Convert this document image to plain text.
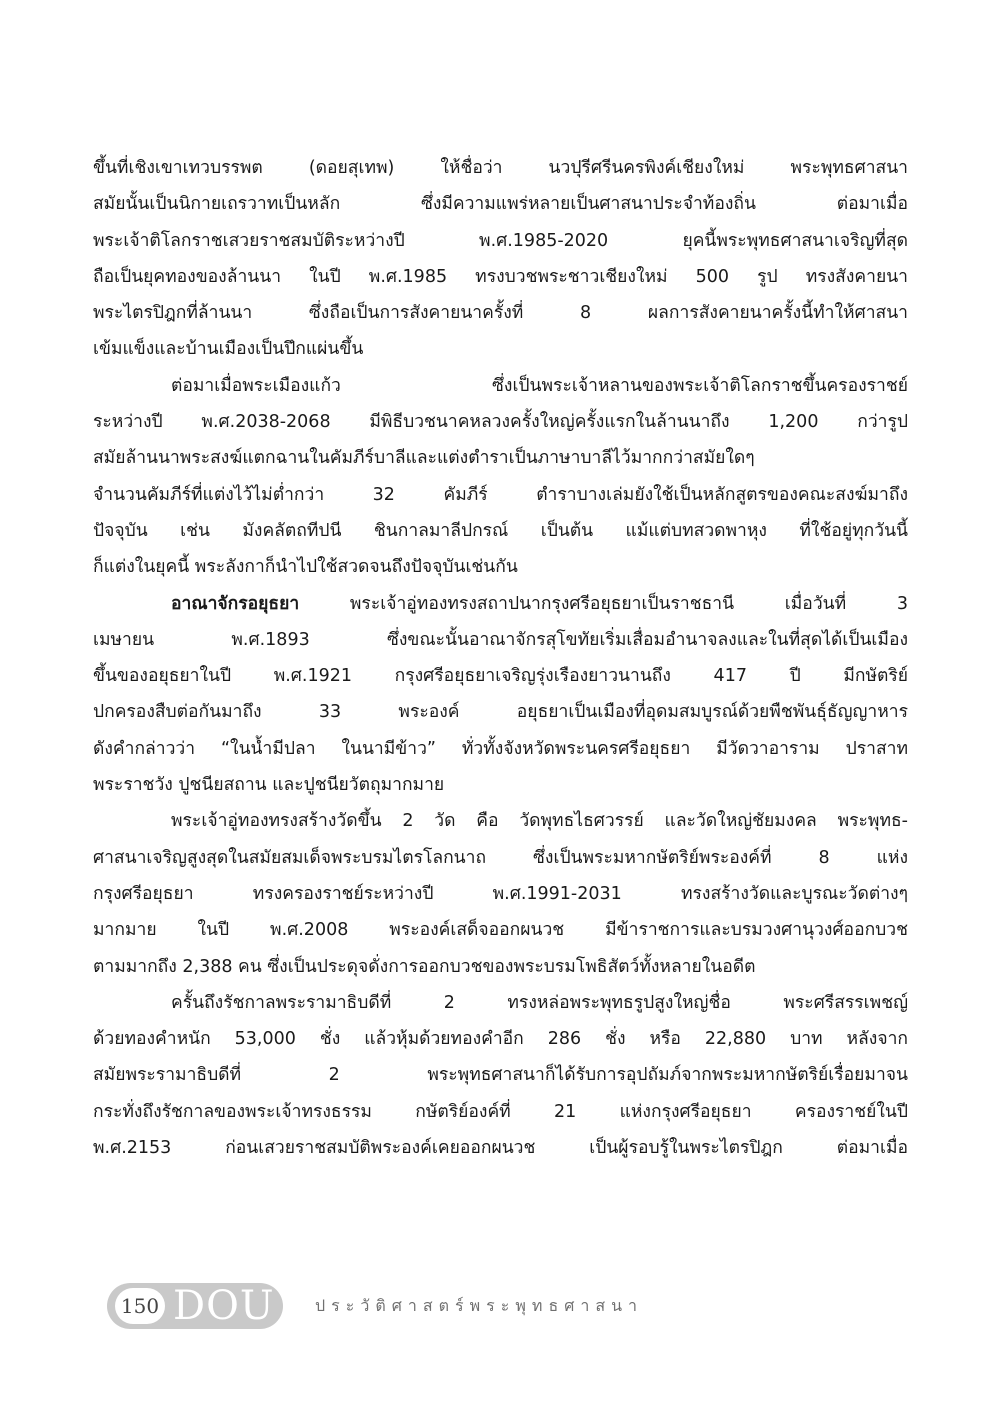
ขึ้นที่เชิงเขาเทวบรรพต (ดอยสุเทพ) ให้ชื่อว่า นวปุรีศรีนครพิงค์เชียงใหม่ พระพุทธศาสนา
สมัยนั้นเป็นนิกายเถรวาทเป็นหลัก ซึ่งมีความแพร่หลายเป็นศาสนาประจำท้องถิ่น ต่อมาเมื่อ
พระเจ้าติโลกราชเสวยราชสมบัติระหว่างปี พ.ศ.1985-2020 ยุคนี้พระพุทธศาสนาเจริญที่สุด
ถือเป็นยุคทองของล้านนา ในปี พ.ศ.1985 ทรงบวชพระชาวเชียงใหม่ 500 รูป ทรงสังคายนา
พระไตรปิฎกที่ล้านนา ซึ่งถือเป็นการสังคายนาครั้งที่ 8 ผลการสังคายนาครั้งนี้ทำให้ศาสนา
เข้มแข็งและบ้านเมืองเป็นปึกแผ่นขึ้น

ต่อมาเมื่อพระเมืองแก้ว ซึ่งเป็นพระเจ้าหลานของพระเจ้าติโลกราชขึ้นครองราชย์
ระหว่างปี พ.ศ.2038-2068 มีพิธีบวชนาคหลวงครั้งใหญ่ครั้งแรกในล้านนาถึง 1,200 กว่ารูป
สมัยล้านนาพระสงฆ์แตกฉานในคัมภีร์บาลีและแต่งตำราเป็นภาษาบาลีไว้มากกว่าสมัยใดๆ
จำนวนคัมภีร์ที่แต่งไว้ไม่ต่ำกว่า 32 คัมภีร์ ตำราบางเล่มยังใช้เป็นหลักสูตรของคณะสงฆ์มาถึง
ปัจจุบัน เช่น มังคลัตถทีปนี ชินกาลมาลีปกรณ์ เป็นต้น แม้แต่บทสวดพาหุง ที่ใช้อยู่ทุกวันนี้
ก็แต่งในยุคนี้ พระลังกาก็นำไปใช้สวดจนถึงปัจจุบันเช่นกัน

อาณาจักรอยุธยา พระเจ้าอู่ทองทรงสถาปนากรุงศรีอยุธยาเป็นราชธานี เมื่อวันที่ 3
เมษายน พ.ศ.1893 ซึ่งขณะนั้นอาณาจักรสุโขทัยเริ่มเสื่อมอำนาจลงและในที่สุดได้เป็นเมือง
ขึ้นของอยุธยาในปี พ.ศ.1921 กรุงศรีอยุธยาเจริญรุ่งเรืองยาวนานถึง 417 ปี มีกษัตริย์
ปกครองสืบต่อกันมาถึง 33 พระองค์ อยุธยาเป็นเมืองที่อุดมสมบูรณ์ด้วยพืชพันธุ์ธัญญาหาร
ดังคำกล่าวว่า “ในน้ำมีปลา ในนามีข้าว” ทั่วทั้งจังหวัดพระนครศรีอยุธยา มีวัดวาอาราม ปราสาท
พระราชวัง ปูชนียสถาน และปูชนียวัตถุมากมาย

พระเจ้าอู่ทองทรงสร้างวัดขึ้น 2 วัด คือ วัดพุทธไธศวรรย์ และวัดใหญ่ชัยมงคล พระพุทธ-
ศาสนาเจริญสูงสุดในสมัยสมเด็จพระบรมไตรโลกนาถ ซึ่งเป็นพระมหากษัตริย์พระองค์ที่ 8 แห่ง
กรุงศรีอยุธยา ทรงครองราชย์ระหว่างปี พ.ศ.1991-2031 ทรงสร้างวัดและบูรณะวัดต่างๆ
มากมาย ในปี พ.ศ.2008 พระองค์เสด็จออกผนวช มีข้าราชการและบรมวงศานุวงศ์ออกบวช
ตามมากถึง 2,388 คน ซึ่งเป็นประดุจดั่งการออกบวชของพระบรมโพธิสัตว์ทั้งหลายในอดีต

ครั้นถึงรัชกาลพระรามาธิบดีที่ 2 ทรงหล่อพระพุทธรูปสูงใหญ่ชื่อ พระศรีสรรเพชญ์
ด้วยทองคำหนัก 53,000 ชั่ง แล้วหุ้มด้วยทองคำอีก 286 ชั่ง หรือ 22,880 บาท หลังจาก
สมัยพระรามาธิบดีที่ 2 พระพุทธศาสนาก็ได้รับการอุปถัมภ์จากพระมหากษัตริย์เรื่อยมาจน
กระทั่งถึงรัชกาลของพระเจ้าทรงธรรม กษัตริย์องค์ที่ 21 แห่งกรุงศรีอยุธยา ครองราชย์ในปี
พ.ศ.2153 ก่อนเสวยราชสมบัติพระองค์เคยออกผนวช เป็นผู้รอบรู้ในพระไตรปิฎก ต่อมาเมื่อ

150 DOU	ประวัติศาสตร์พระพุทธศาสนา
